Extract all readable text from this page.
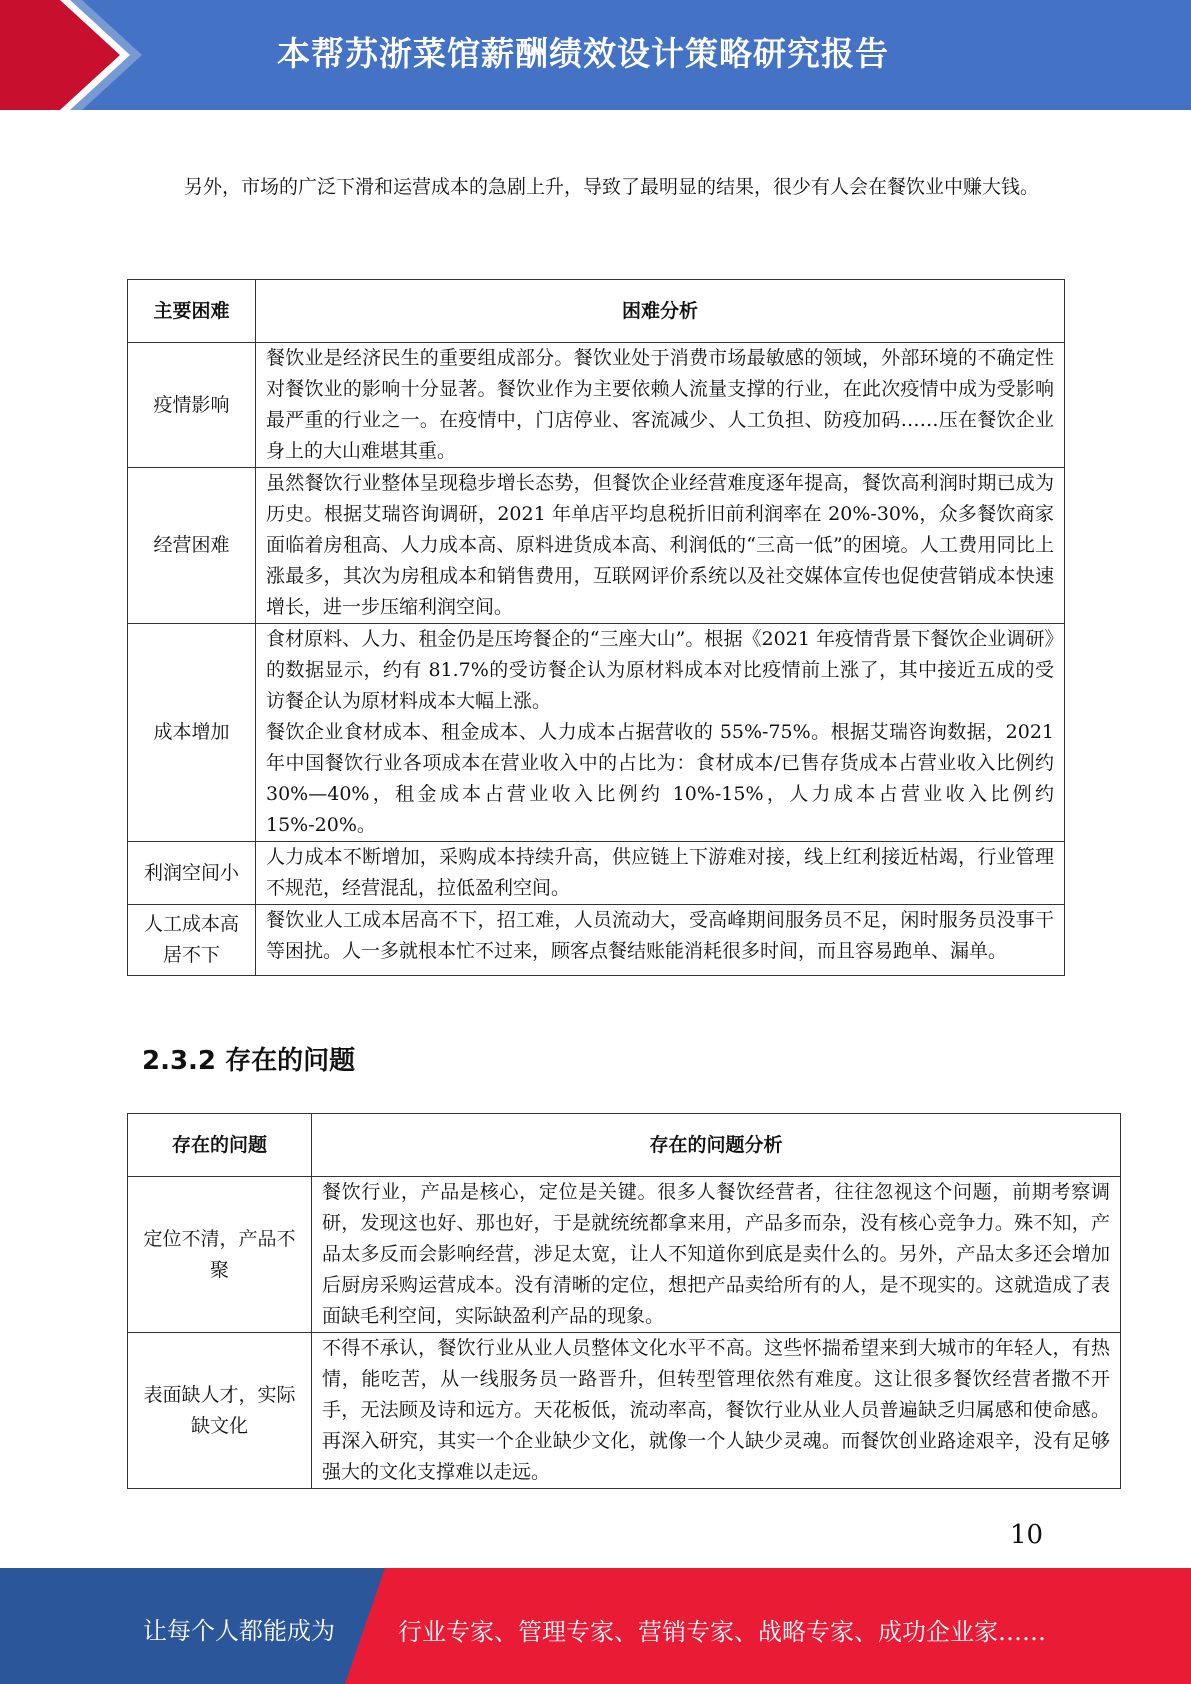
本帮苏浙菜馆薪酬绩效设计策略研究报告

另外，市场的广泛下滑和运营成本的急剧上升，导致了最明显的结果，很少有人会在餐饮业中赚大钱。

主要困难	困难分析
疫情影响	餐饮业是经济民生的重要组成部分。餐饮业处于消费市场最敏感的领域，外部环境的不确定性对餐饮业的影响十分显著。餐饮业作为主要依赖人流量支撑的行业，在此次疫情中成为受影响最严重的行业之一。在疫情中，门店停业、客流减少、人工负担、防疫加码……压在餐饮企业身上的大山难堪其重。

经营困难	虽然餐饮行业整体呈现稳步增长态势，但餐饮企业经营难度逐年提高，餐饮高利润时期已成为历史。根据艾瑞咨询调研，2021 年单店平均息税折旧前利润率在 20%-30%，众多餐饮商家面临着房租高、人力成本高、原料进货成本高、利润低的“三高一低”的困境。人工费用同比上涨最多，其次为房租成本和销售费用，互联网评价系统以及社交媒体宣传也促使营销成本快速增长，进一步压缩利润空间。

成本增加	食材原料、人力、租金仍是压垮餐企的“三座大山”。根据《2021 年疫情背景下餐饮企业调研》的数据显示，约有 81.7%的受访餐企认为原材料成本对比疫情前上涨了，其中接近五成的受访餐企认为原材料成本大幅上涨。

餐饮企业食材成本、租金成本、人力成本占据营收的 55%-75%。根据艾瑞咨询数据，2021 年中国餐饮行业各项成本在营业收入中的占比为：食材成本/已售存货成本占营业收入比例约 30%—40%，租金成本占营业收入比例约 10%-15%，人力成本占营业收入比例约 15%-20%。

利润空间小	人力成本不断增加，采购成本持续升高，供应链上下游难对接，线上红利接近枯竭，行业管理不规范，经营混乱，拉低盈利空间。

人工成本高居不下	餐饮业人工成本居高不下，招工难，人员流动大，受高峰期间服务员不足，闲时服务员没事干等困扰。人一多就根本忙不过来，顾客点餐结账能消耗很多时间，而且容易跑单、漏单。

2.3.2 存在的问题
存在的问题	存在的问题分析
定位不清，产品不聚	餐饮行业，产品是核心，定位是关键。很多人餐饮经营者，往往忽视这个问题，前期考察调研，发现这也好、那也好，于是就统统都拿来用，产品多而杂，没有核心竞争力。殊不知，产品太多反而会影响经营，涉足太宽，让人不知道你到底是卖什么的。另外，产品太多还会增加后厨房采购运营成本。没有清晰的定位，想把产品卖给所有的人，是不现实的。这就造成了表面缺毛利空间，实际缺盈利产品的现象。

表面缺人才，实际缺文化	不得不承认，餐饮行业从业人员整体文化水平不高。这些怀揣希望来到大城市的年轻人，有热情，能吃苦，从一线服务员一路晋升，但转型管理依然有难度。这让很多餐饮经营者撒不开手，无法顾及诗和远方。天花板低，流动率高，餐饮行业从业人员普遍缺乏归属感和使命感。再深入研究，其实一个企业缺少文化，就像一个人缺少灵魂。而餐饮创业路途艰辛，没有足够强大的文化支撑难以走远。

10
让每个人都能成为	行业专家、管理专家、营销专家、战略专家、成功企业家……
